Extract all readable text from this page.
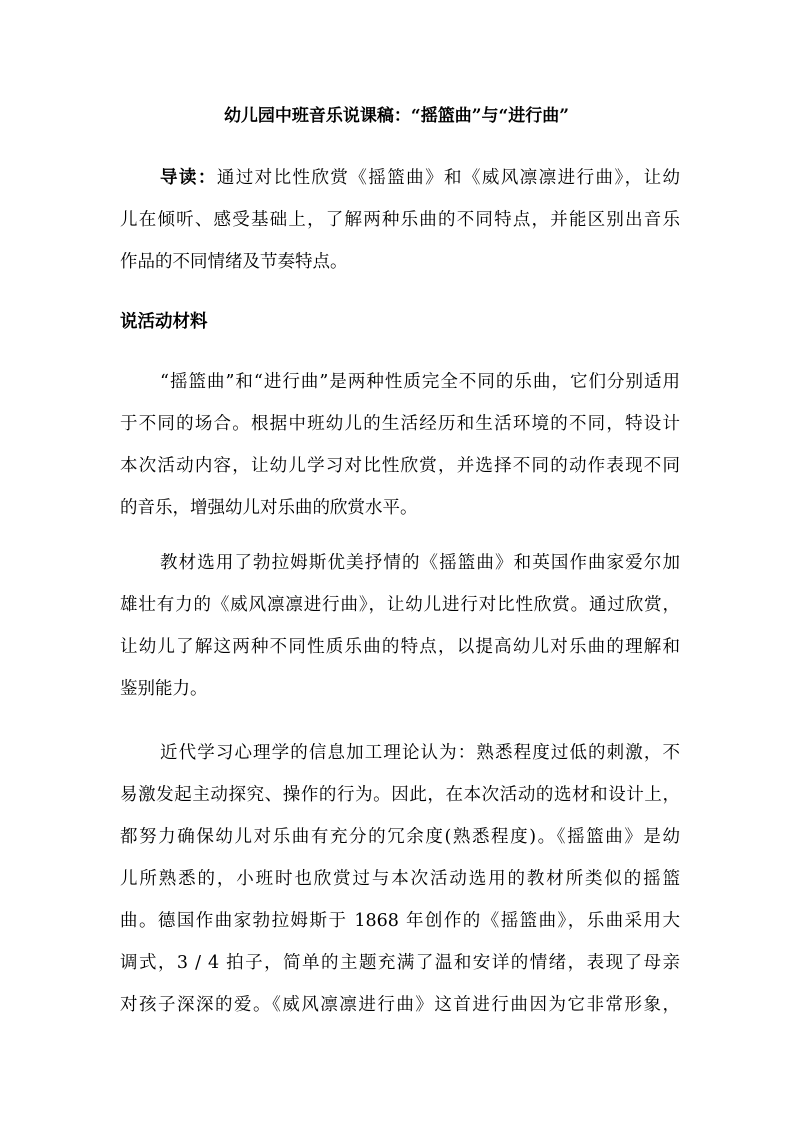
幼儿园中班音乐说课稿：“摇篮曲”与“进行曲”
导读：通过对比性欣赏《摇篮曲》和《威风凛凛进行曲》，让幼
儿在倾听、感受基础上，了解两种乐曲的不同特点，并能区别出音乐
作品的不同情绪及节奏特点。
说活动材料
“摇篮曲”和“进行曲”是两种性质完全不同的乐曲，它们分别适用
于不同的场合。根据中班幼儿的生活经历和生活环境的不同，特设计
本次活动内容，让幼儿学习对比性欣赏，并选择不同的动作表现不同
的音乐，增强幼儿对乐曲的欣赏水平。
教材选用了勃拉姆斯优美抒情的《摇篮曲》和英国作曲家爱尔加
雄壮有力的《威风凛凛进行曲》，让幼儿进行对比性欣赏。通过欣赏，
让幼儿了解这两种不同性质乐曲的特点，以提高幼儿对乐曲的理解和
鉴别能力。
近代学习心理学的信息加工理论认为：熟悉程度过低的刺激，不
易激发起主动探究、操作的行为。因此，在本次活动的选材和设计上，
都努力确保幼儿对乐曲有充分的冗余度(熟悉程度)。《摇篮曲》是幼
儿所熟悉的，小班时也欣赏过与本次活动选用的教材所类似的摇篮
曲。德国作曲家勃拉姆斯于 1868 年创作的《摇篮曲》，乐曲采用大
调式，3 / 4 拍子，简单的主题充满了温和安详的情绪，表现了母亲
对孩子深深的爱。《威风凛凛进行曲》这首进行曲因为它非常形象，
